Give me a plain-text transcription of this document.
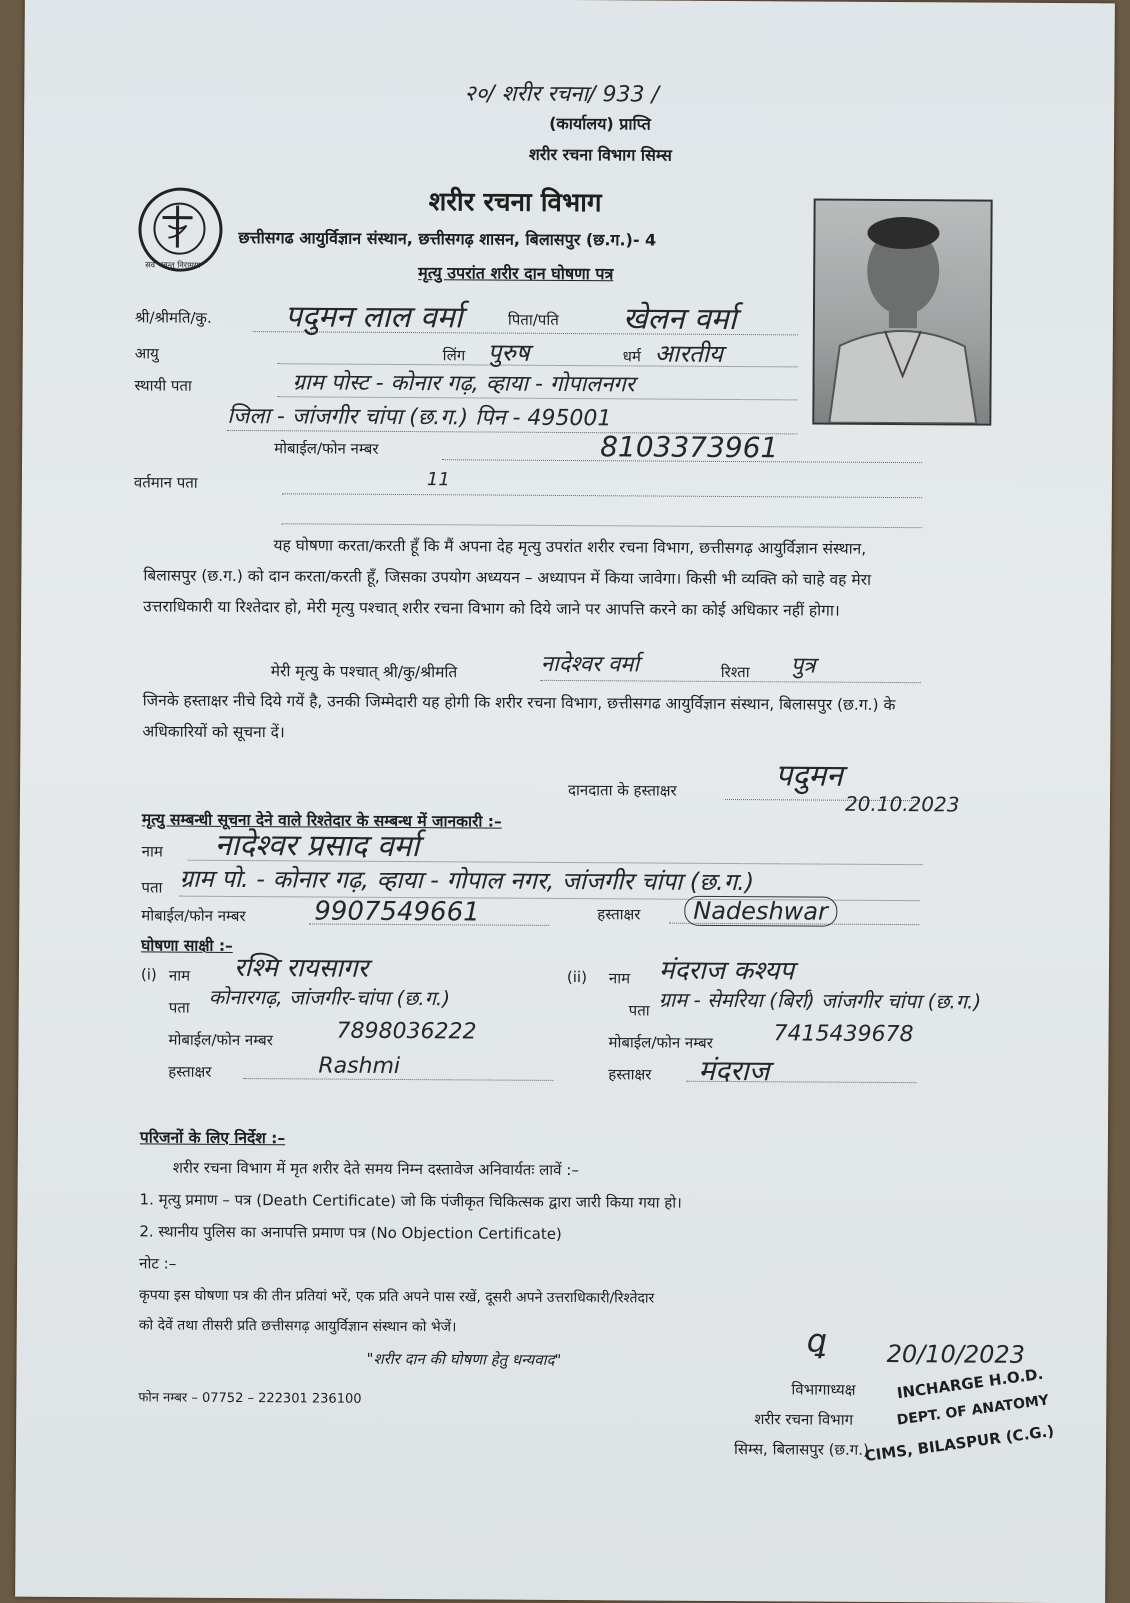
२०/ शरीर रचना/ 933 /
(कार्यालय) प्राप्ति
शरीर रचना विभाग सिम्स
सर्वे भवन्तु निरामया
शरीर रचना विभाग
छत्तीसगढ आयुर्विज्ञान संस्थान, छत्तीसगढ़ शासन, बिलासपुर (छ.ग.)- 4
मृत्यु उपरांत शरीर दान घोषणा पत्र
श्री/श्रीमति/कु. पदुमन लाल वर्मा	पिता/पति खेलन वर्मा
आयु	लिंग पुरुष	धर्म आरतीय
स्थायी पता	ग्राम पोस्ट - कोनार गढ़, व्हाया - गोपालनगर
जिला - जांजगीर चांपा (छ.ग.) पिन - 495001
मोबाईल/फोन नम्बर	8103373961
वर्तमान पता	11
यह घोषणा करता/करती हूँ कि मैं अपना देह मृत्यु उपरांत शरीर रचना विभाग, छत्तीसगढ़ आयुर्विज्ञान संस्थान, बिलासपुर (छ.ग.) को दान करता/करती हूँ, जिसका उपयोग अध्ययन – अध्यापन में किया जावेगा। किसी भी व्यक्ति को चाहे वह मेरा उत्तराधिकारी या रिश्तेदार हो, मेरी मृत्यु पश्चात् शरीर रचना विभाग को दिये जाने पर आपत्ति करने का कोई अधिकार नहीं होगा।
मेरी मृत्यु के पश्चात् श्री/कु/श्रीमति	नादेश्वर वर्मा	रिश्ता पुत्र
जिनके हस्ताक्षर नीचे दिये गयें है, उनकी जिम्मेदारी यह होगी कि शरीर रचना विभाग, छत्तीसगढ आयुर्विज्ञान संस्थान, बिलासपुर (छ.ग.) के अधिकारियों को सूचना दें।
दानदाता के हस्ताक्षर	पदुमन
20.10.2023
मृत्यु सम्बन्धी सूचना देने वाले रिश्तेदार के सम्बन्ध में जानकारी :–
नाम नादेश्वर प्रसाद वर्मा
पता ग्राम पो. - कोनार गढ़, व्हाया - गोपाल नगर, जांजगीर चांपा (छ.ग.)
मोबाईल/फोन नम्बर	9907549661	हस्ताक्षर	Nadeshwar
घोषणा साक्षी :–
(i) नाम रश्मि रायसागर
पता कोनारगढ़, जांजगीर-चांपा (छ.ग.)
मोबाईल/फोन नम्बर	7898036222
हस्ताक्षर	Rashmi
(ii) नाम मंदराज कश्यप
पता ग्राम - सेमरिया (बिर्रा) जांजगीर चांपा (छ.ग.)
मोबाईल/फोन नम्बर	7415439678
हस्ताक्षर मंदराज
परिजनों के लिए निर्देश :–
शरीर रचना विभाग में मृत शरीर देते समय निम्न दस्तावेज अनिवार्यतः लावें :–
1. मृत्यु प्रमाण – पत्र (Death Certificate) जो कि पंजीकृत चिकित्सक द्वारा जारी किया गया हो।
2. स्थानीय पुलिस का अनापत्ति प्रमाण पत्र (No Objection Certificate)
नोट :–
कृपया इस घोषणा पत्र की तीन प्रतियां भरें, एक प्रति अपने पास रखें, दूसरी अपने उत्तराधिकारी/रिश्तेदार
को देवें तथा तीसरी प्रति छत्तीसगढ़ आयुर्विज्ञान संस्थान को भेजें।
"शरीर दान की घोषणा हेतु धन्यवाद"
फोन नम्बर – 07752 – 222301 236100
ꝗ 20/10/2023
विभागाध्यक्ष
शरीर रचना विभाग
सिम्स, बिलासपुर (छ.ग.)
INCHARGE H.O.D.
DEPT. OF ANATOMY
CIMS, BILASPUR (C.G.)
